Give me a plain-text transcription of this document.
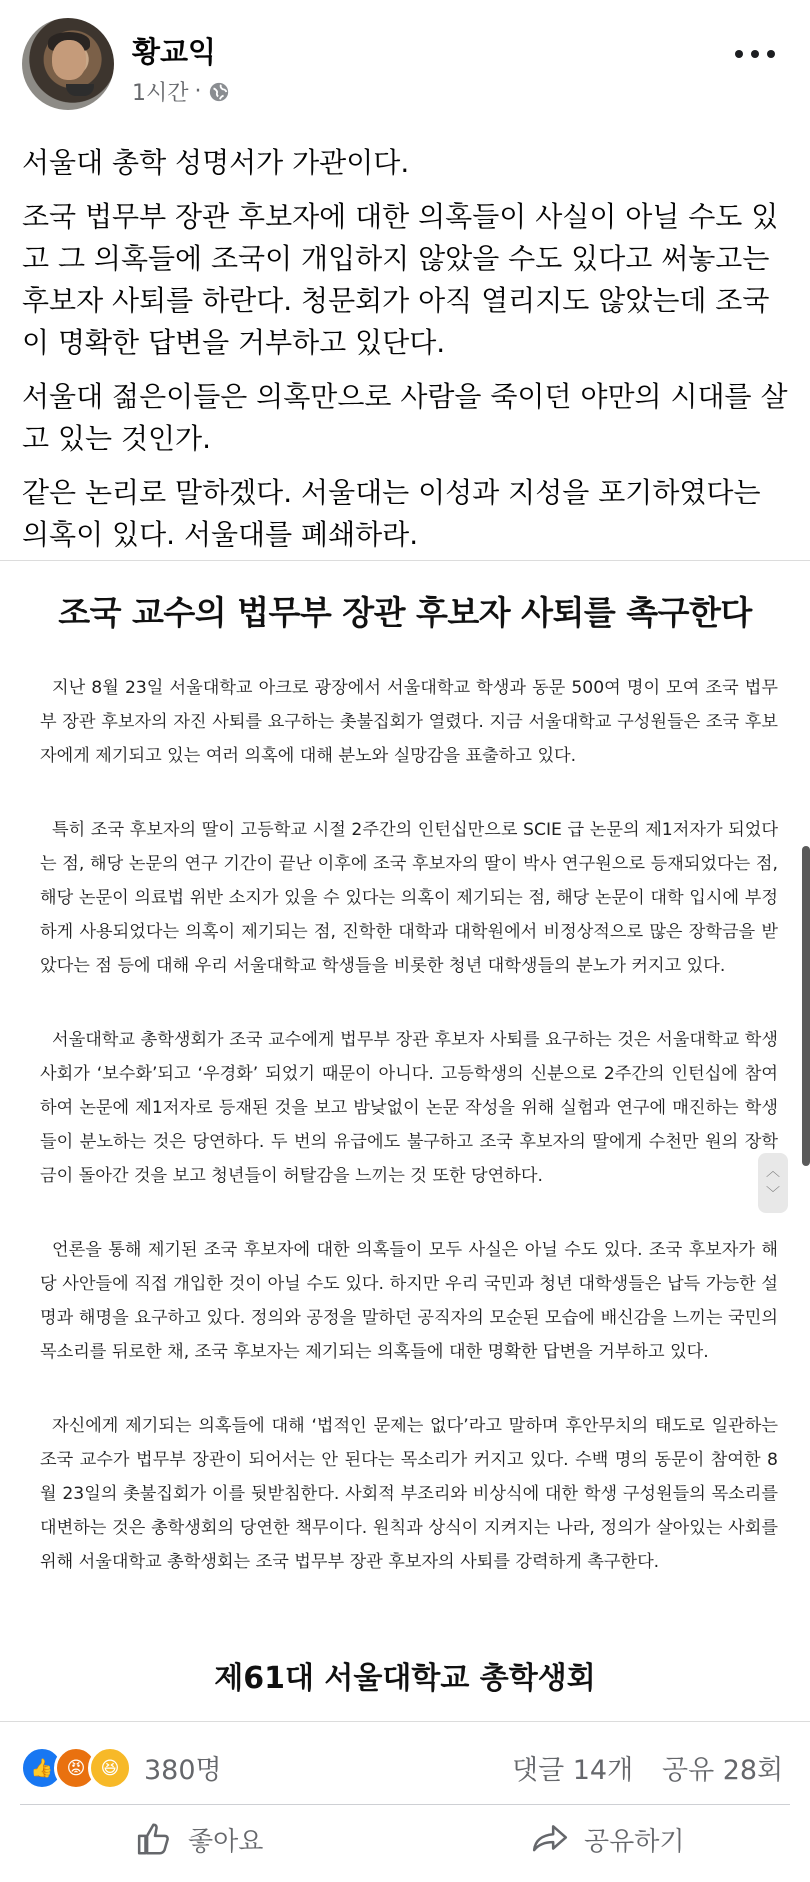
황교익
1시간 ·

서울대 총학 성명서가 가관이다.

조국 법무부 장관 후보자에 대한 의혹들이 사실이 아닐 수도 있고 그 의혹들에 조국이 개입하지 않았을 수도 있다고 써놓고는 후보자 사퇴를 하란다. 청문회가 아직 열리지도 않았는데 조국이 명확한 답변을 거부하고 있단다.

서울대 젊은이들은 의혹만으로 사람을 죽이던 야만의 시대를 살고 있는 것인가.

같은 논리로 말하겠다. 서울대는 이성과 지성을 포기하였다는 의혹이 있다. 서울대를 폐쇄하라.

조국 교수의 법무부 장관 후보자 사퇴를 촉구한다

지난 8월 23일 서울대학교 아크로 광장에서 서울대학교 학생과 동문 500여 명이 모여 조국 법무부 장관 후보자의 자진 사퇴를 요구하는 촛불집회가 열렸다. 지금 서울대학교 구성원들은 조국 후보자에게 제기되고 있는 여러 의혹에 대해 분노와 실망감을 표출하고 있다.

특히 조국 후보자의 딸이 고등학교 시절 2주간의 인턴십만으로 SCIE 급 논문의 제1저자가 되었다는 점, 해당 논문의 연구 기간이 끝난 이후에 조국 후보자의 딸이 박사 연구원으로 등재되었다는 점, 해당 논문이 의료법 위반 소지가 있을 수 있다는 의혹이 제기되는 점, 해당 논문이 대학 입시에 부정하게 사용되었다는 의혹이 제기되는 점, 진학한 대학과 대학원에서 비정상적으로 많은 장학금을 받았다는 점 등에 대해 우리 서울대학교 학생들을 비롯한 청년 대학생들의 분노가 커지고 있다.

서울대학교 총학생회가 조국 교수에게 법무부 장관 후보자 사퇴를 요구하는 것은 서울대학교 학생사회가 ‘보수화’되고 ‘우경화’ 되었기 때문이 아니다. 고등학생의 신분으로 2주간의 인턴십에 참여하여 논문에 제1저자로 등재된 것을 보고 밤낮없이 논문 작성을 위해 실험과 연구에 매진하는 학생들이 분노하는 것은 당연하다. 두 번의 유급에도 불구하고 조국 후보자의 딸에게 수천만 원의 장학금이 돌아간 것을 보고 청년들이 허탈감을 느끼는 것 또한 당연하다.

언론을 통해 제기된 조국 후보자에 대한 의혹들이 모두 사실은 아닐 수도 있다. 조국 후보자가 해당 사안들에 직접 개입한 것이 아닐 수도 있다. 하지만 우리 국민과 청년 대학생들은 납득 가능한 설명과 해명을 요구하고 있다. 정의와 공정을 말하던 공직자의 모순된 모습에 배신감을 느끼는 국민의 목소리를 뒤로한 채, 조국 후보자는 제기되는 의혹들에 대한 명확한 답변을 거부하고 있다.

자신에게 제기되는 의혹들에 대해 ‘법적인 문제는 없다’라고 말하며 후안무치의 태도로 일관하는 조국 교수가 법무부 장관이 되어서는 안 된다는 목소리가 커지고 있다. 수백 명의 동문이 참여한 8월 23일의 촛불집회가 이를 뒷받침한다. 사회적 부조리와 비상식에 대한 학생 구성원들의 목소리를 대변하는 것은 총학생회의 당연한 책무이다. 원칙과 상식이 지켜지는 나라, 정의가 살아있는 사회를 위해 서울대학교 총학생회는 조국 법무부 장관 후보자의 사퇴를 강력하게 촉구한다.

제61대 서울대학교 총학생회
︿
﹀
👍 😡 😆 380명	댓글 14개 공유 28회
좋아요	공유하기
